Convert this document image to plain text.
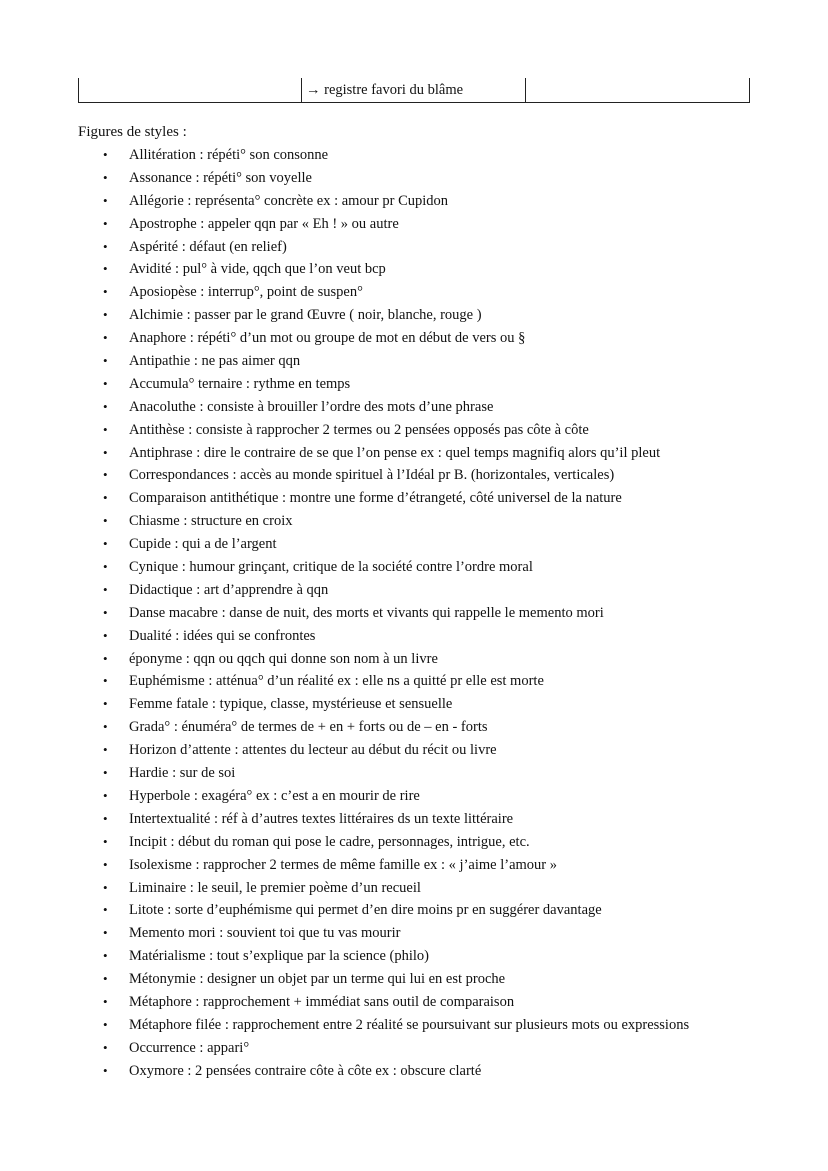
→ registre favori du blâme
Figures de styles :
• Allitération : répéti° son consonne
• Assonance : répéti° son voyelle
• Allégorie : représenta° concrète ex : amour pr Cupidon
• Apostrophe : appeler qqn par « Eh ! » ou autre
• Aspérité : défaut (en relief)
• Avidité : pul° à vide, qqch que l’on veut bcp
• Aposiopèse : interrup°, point de suspen°
• Alchimie : passer par le grand Œuvre ( noir, blanche, rouge )
• Anaphore : répéti° d’un mot ou groupe de mot en début de vers ou §
• Antipathie : ne pas aimer qqn
• Accumula° ternaire : rythme en temps
• Anacoluthe : consiste à brouiller l’ordre des mots d’une phrase
• Antithèse : consiste à rapprocher 2 termes ou 2 pensées opposés pas côte à côte
• Antiphrase : dire le contraire de se que l’on pense ex : quel temps magnifiq alors qu’il pleut
• Correspondances : accès au monde spirituel à l’Idéal pr B. (horizontales, verticales)
• Comparaison antithétique : montre une forme d’étrangeté, côté universel de la nature
• Chiasme : structure en croix
• Cupide : qui a de l’argent
• Cynique : humour grinçant, critique de la société contre l’ordre moral
• Didactique : art d’apprendre à qqn
• Danse macabre : danse de nuit, des morts et vivants qui rappelle le memento mori
• Dualité : idées qui se confrontes
• éponyme : qqn ou qqch qui donne son nom à un livre
• Euphémisme : atténua° d’un réalité ex : elle ns a quitté pr elle est morte
• Femme fatale : typique, classe, mystérieuse et sensuelle
• Grada° : énuméra° de termes de + en + forts ou de – en - forts
• Horizon d’attente : attentes du lecteur au début du récit ou livre
• Hardie : sur de soi
• Hyperbole : exagéra° ex : c’est a en mourir de rire
• Intertextualité : réf à d’autres textes littéraires ds un texte littéraire
• Incipit : début du roman qui pose le cadre, personnages, intrigue, etc.
• Isolexisme : rapprocher 2 termes de même famille ex : « j’aime l’amour »
• Liminaire : le seuil, le premier poème d’un recueil
• Litote : sorte d’euphémisme qui permet d’en dire moins pr en suggérer davantage
• Memento mori : souvient toi que tu vas mourir
• Matérialisme : tout s’explique par la science (philo)
• Métonymie : designer un objet par un terme qui lui en est proche
• Métaphore : rapprochement + immédiat sans outil de comparaison
• Métaphore filée : rapprochement entre 2 réalité se poursuivant sur plusieurs mots ou expressions
• Occurrence : appari°
• Oxymore : 2 pensées contraire côte à côte ex : obscure clarté
